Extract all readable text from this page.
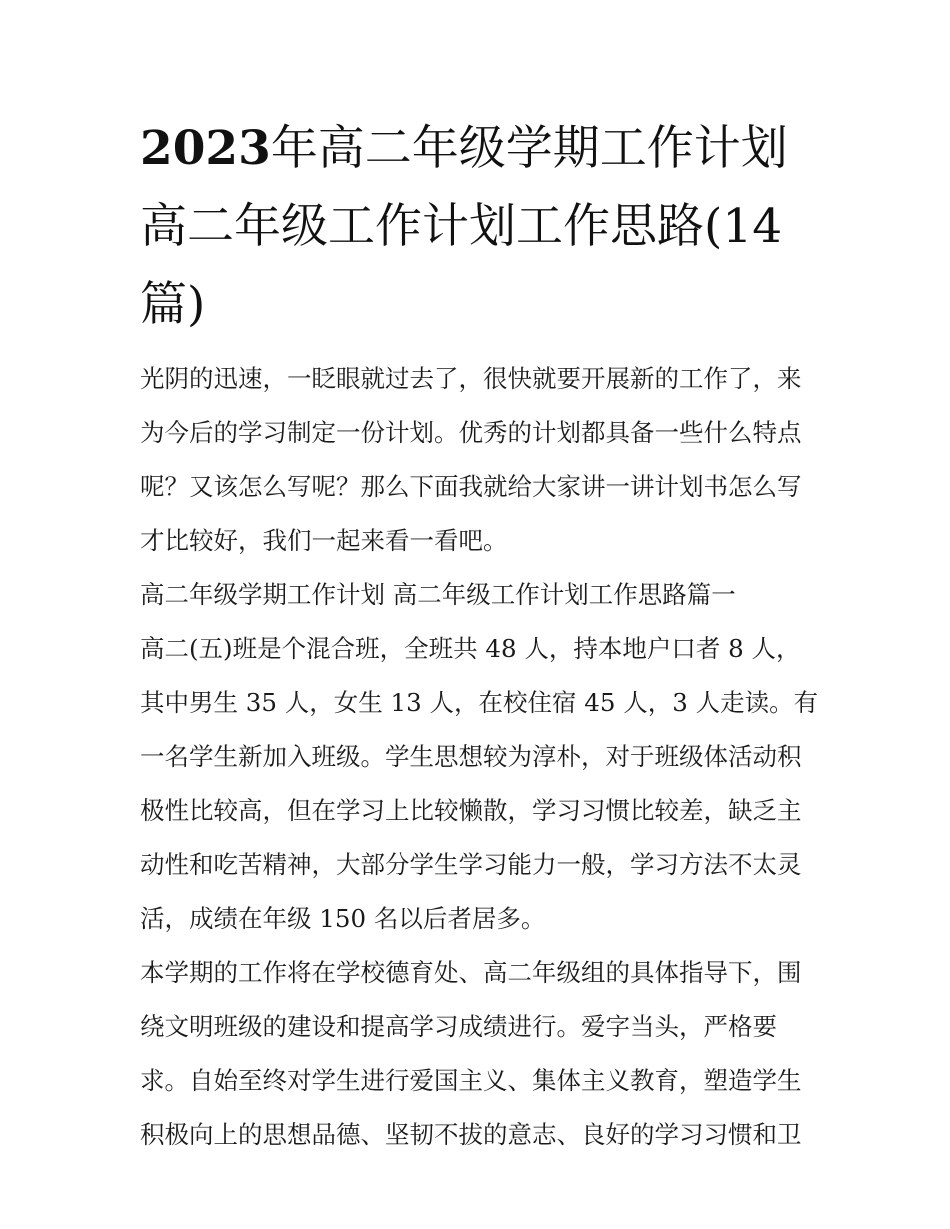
2023年高二年级学期工作计划高二年级工作计划工作思路(14篇)

光阴的迅速，一眨眼就过去了，很快就要开展新的工作了，来为今后的学习制定一份计划。优秀的计划都具备一些什么特点呢？又该怎么写呢？那么下面我就给大家讲一讲计划书怎么写才比较好，我们一起来看一看吧。

高二年级学期工作计划 高二年级工作计划工作思路篇一

高二(五)班是个混合班，全班共 48 人，持本地户口者 8 人，

其中男生 35 人，女生 13 人，在校住宿 45 人，3 人走读。有一名学生新加入班级。学生思想较为淳朴，对于班级体活动积极性比较高，但在学习上比较懒散，学习习惯比较差，缺乏主动性和吃苦精神，大部分学生学习能力一般，学习方法不太灵活，成绩在年级 150 名以后者居多。

本学期的工作将在学校德育处、高二年级组的具体指导下，围绕文明班级的建设和提高学习成绩进行。爱字当头，严格要求。自始至终对学生进行爱国主义、集体主义教育，塑造学生积极向上的思想品德、坚韧不拔的意志、良好的学习习惯和卫
